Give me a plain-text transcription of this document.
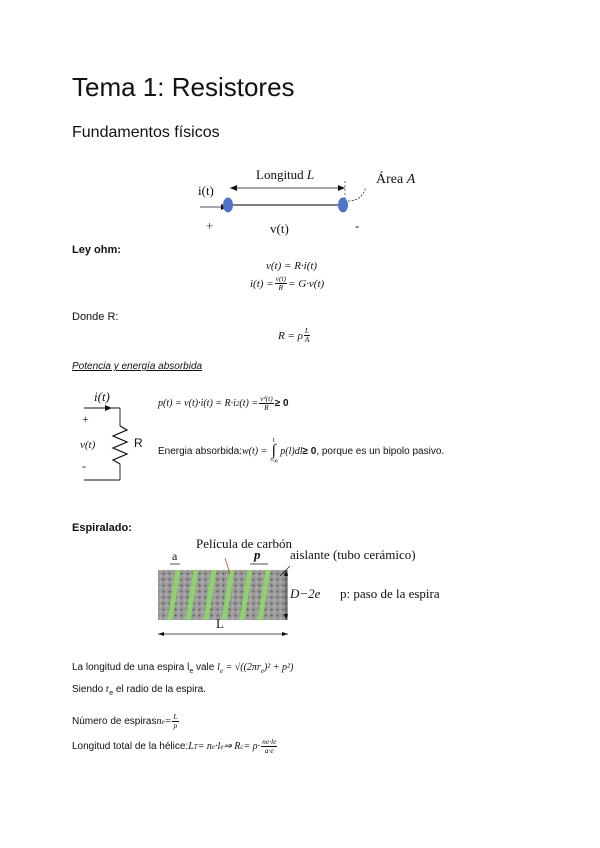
Tema 1: Resistores
Fundamentos físicos
i(t)
Longitud L	Área A
+	v(t)	-
Ley ohm:
v(t) = R·i(t)
$i(t) = \frac{v(t)}{R} = G\cdot v(t)$
Donde R:
R = ρ $\frac{L}{A}$
Potencia y energía absorbida
i(t)
+
v(t)
-
R
p(t) = v(t)·i(t) = R·i 2 $(t) = \frac{\text{v²(t)}}{R} \ge 0$
Energia absorbida: w(t) =
t
∫
−∞
p(l)dl ≥ 0 , porque es un bipolo pasivo.
Espiralado:
Película de carbón
a	p aislante (tubo cerámico)
D−2e p: paso de la espira
L
La longitud de una espira $l_e$ vale $l_e = √((2\pi r_e)^2 + p^2)$
Siendo $r_e$ el radio de la espira.
Número de espiras n $e = \frac{L}{p}$
Longitud total de la hélice: L T = n e ·l e ⇒ R $c = \rho\cdot \frac{ne\cdot le}{a\cdot e}$
